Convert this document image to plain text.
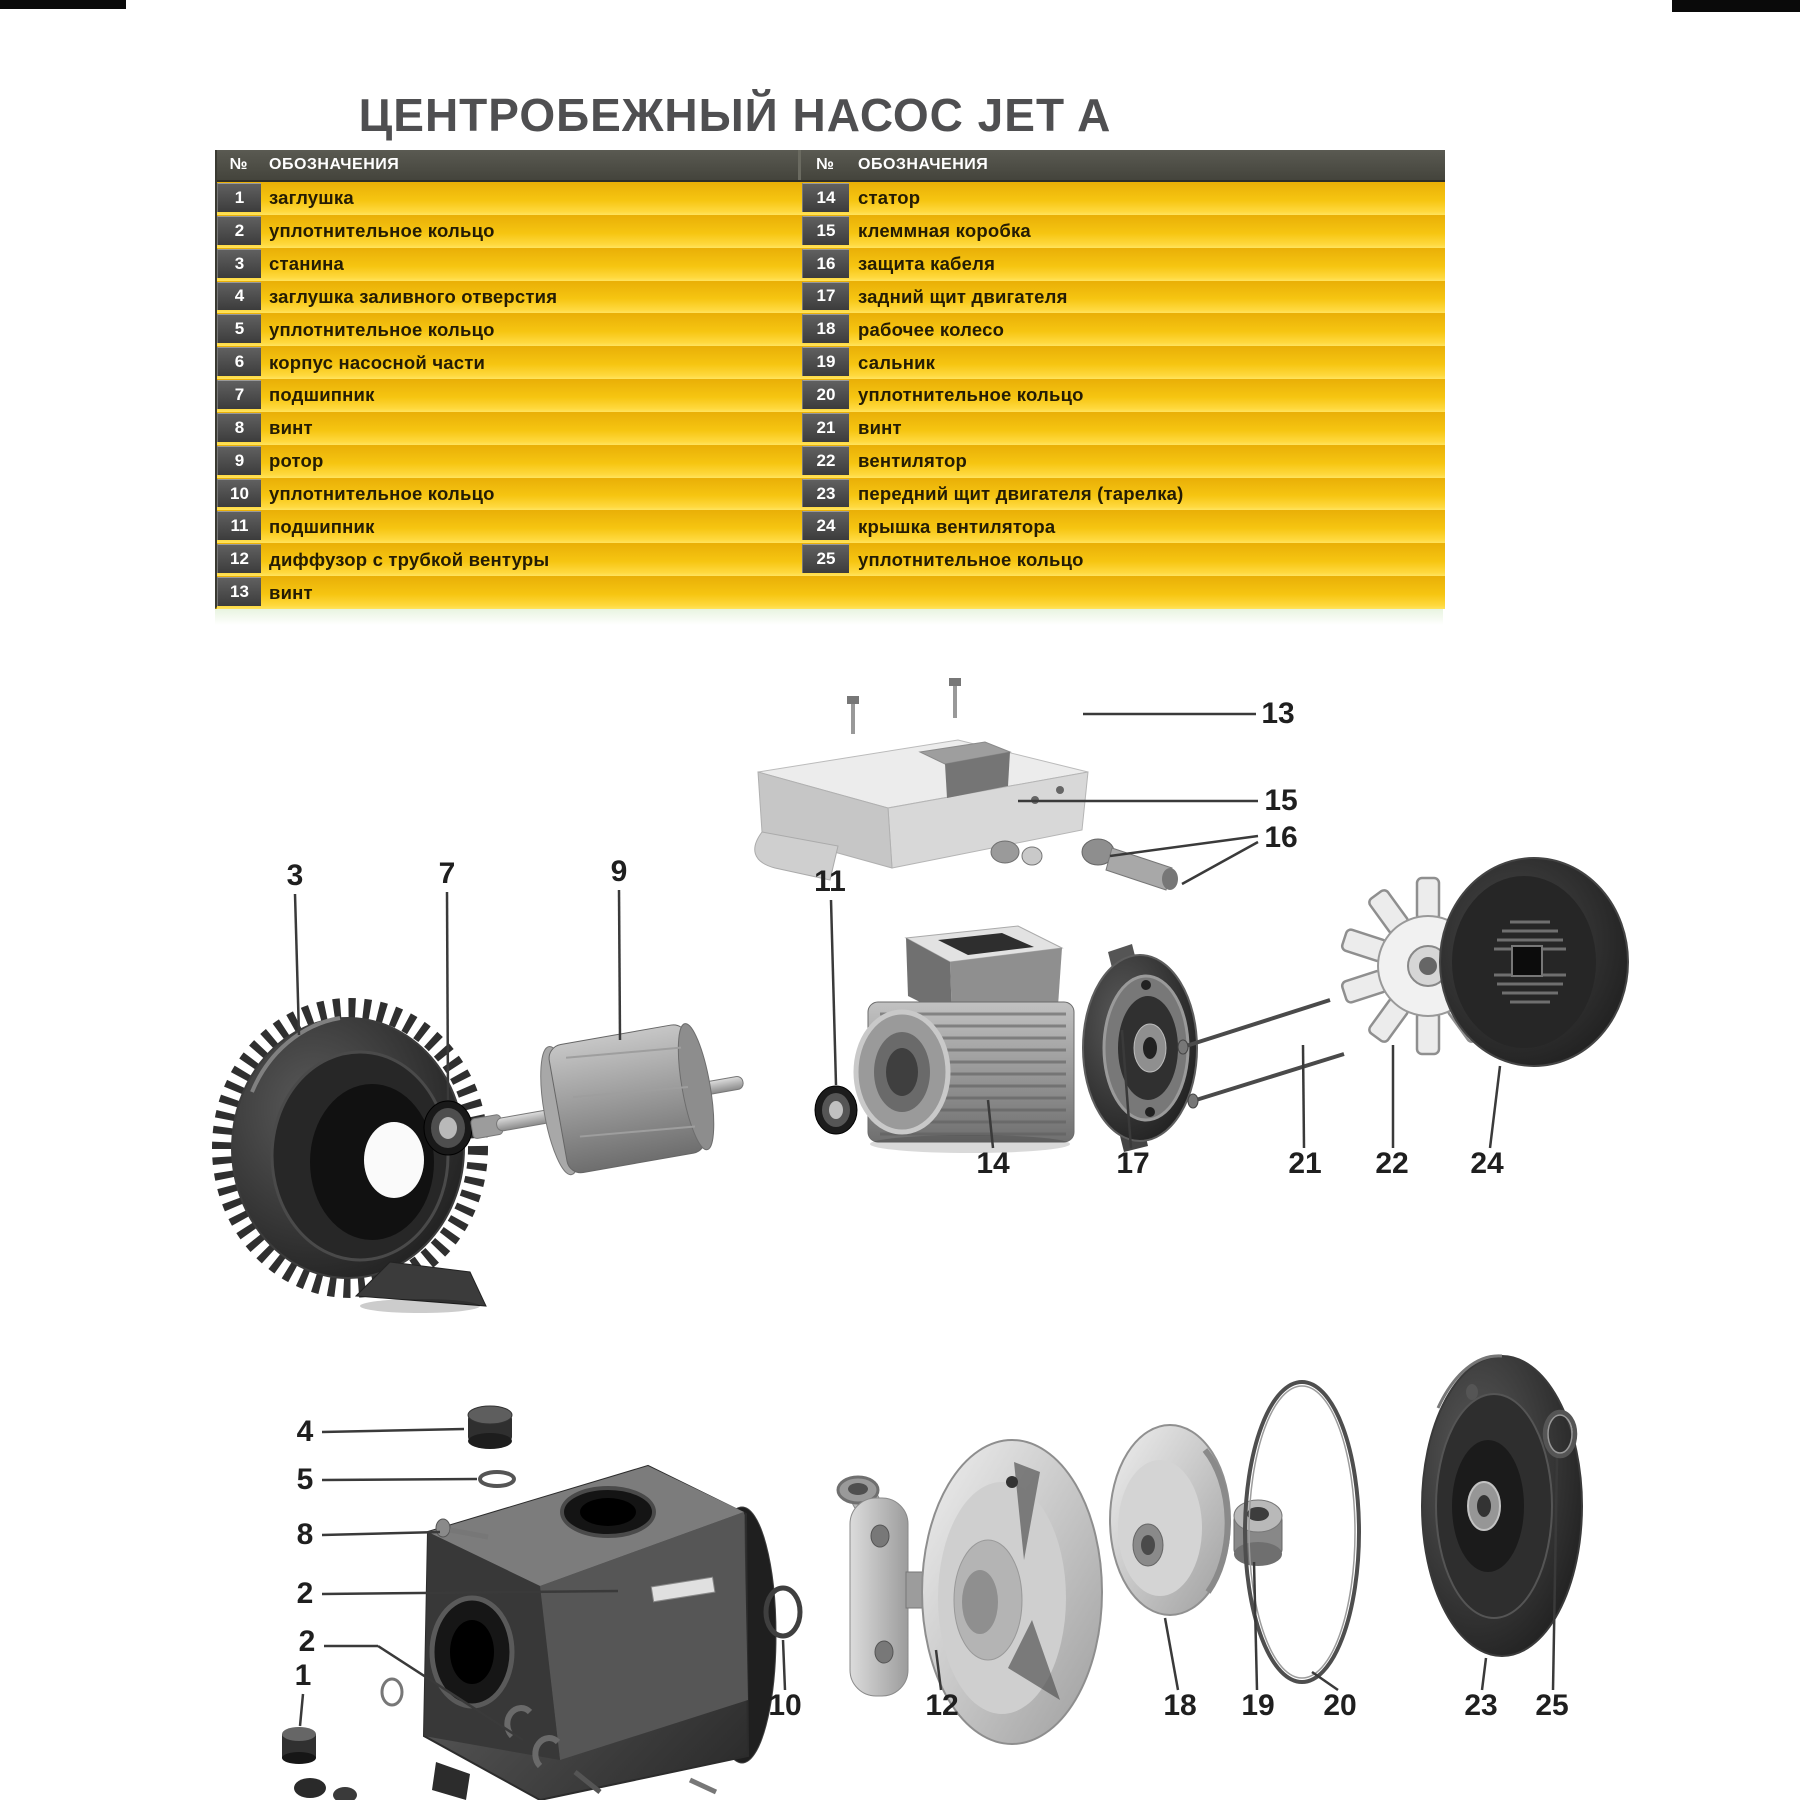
ЦЕНТРОБЕЖНЫЙ НАСОС JET A
№	ОБОЗНАЧЕНИЯ	№	ОБОЗНАЧЕНИЯ
1	заглушка	14	статор
2	уплотнительное кольцо	15	клеммная коробка
3	станина	16	защита кабеля
4	заглушка заливного отверстия	17	задний щит двигателя
5	уплотнительное кольцо	18	рабочее колесо
6	корпус насосной части	19	сальник
7	подшипник	20	уплотнительное кольцо
8	винт	21	винт
9	ротор	22	вентилятор
10	уплотнительное кольцо	23	передний щит двигателя (тарелка)
11	подшипник	24	крышка вентилятора
12	диффузор с трубкой вентуры	25	уплотнительное кольцо
13	винт
13
15
16
3	7	9	11
14	17	21 22 24
4
5
8
2
2
1
10	12	18 19 20	23 25
